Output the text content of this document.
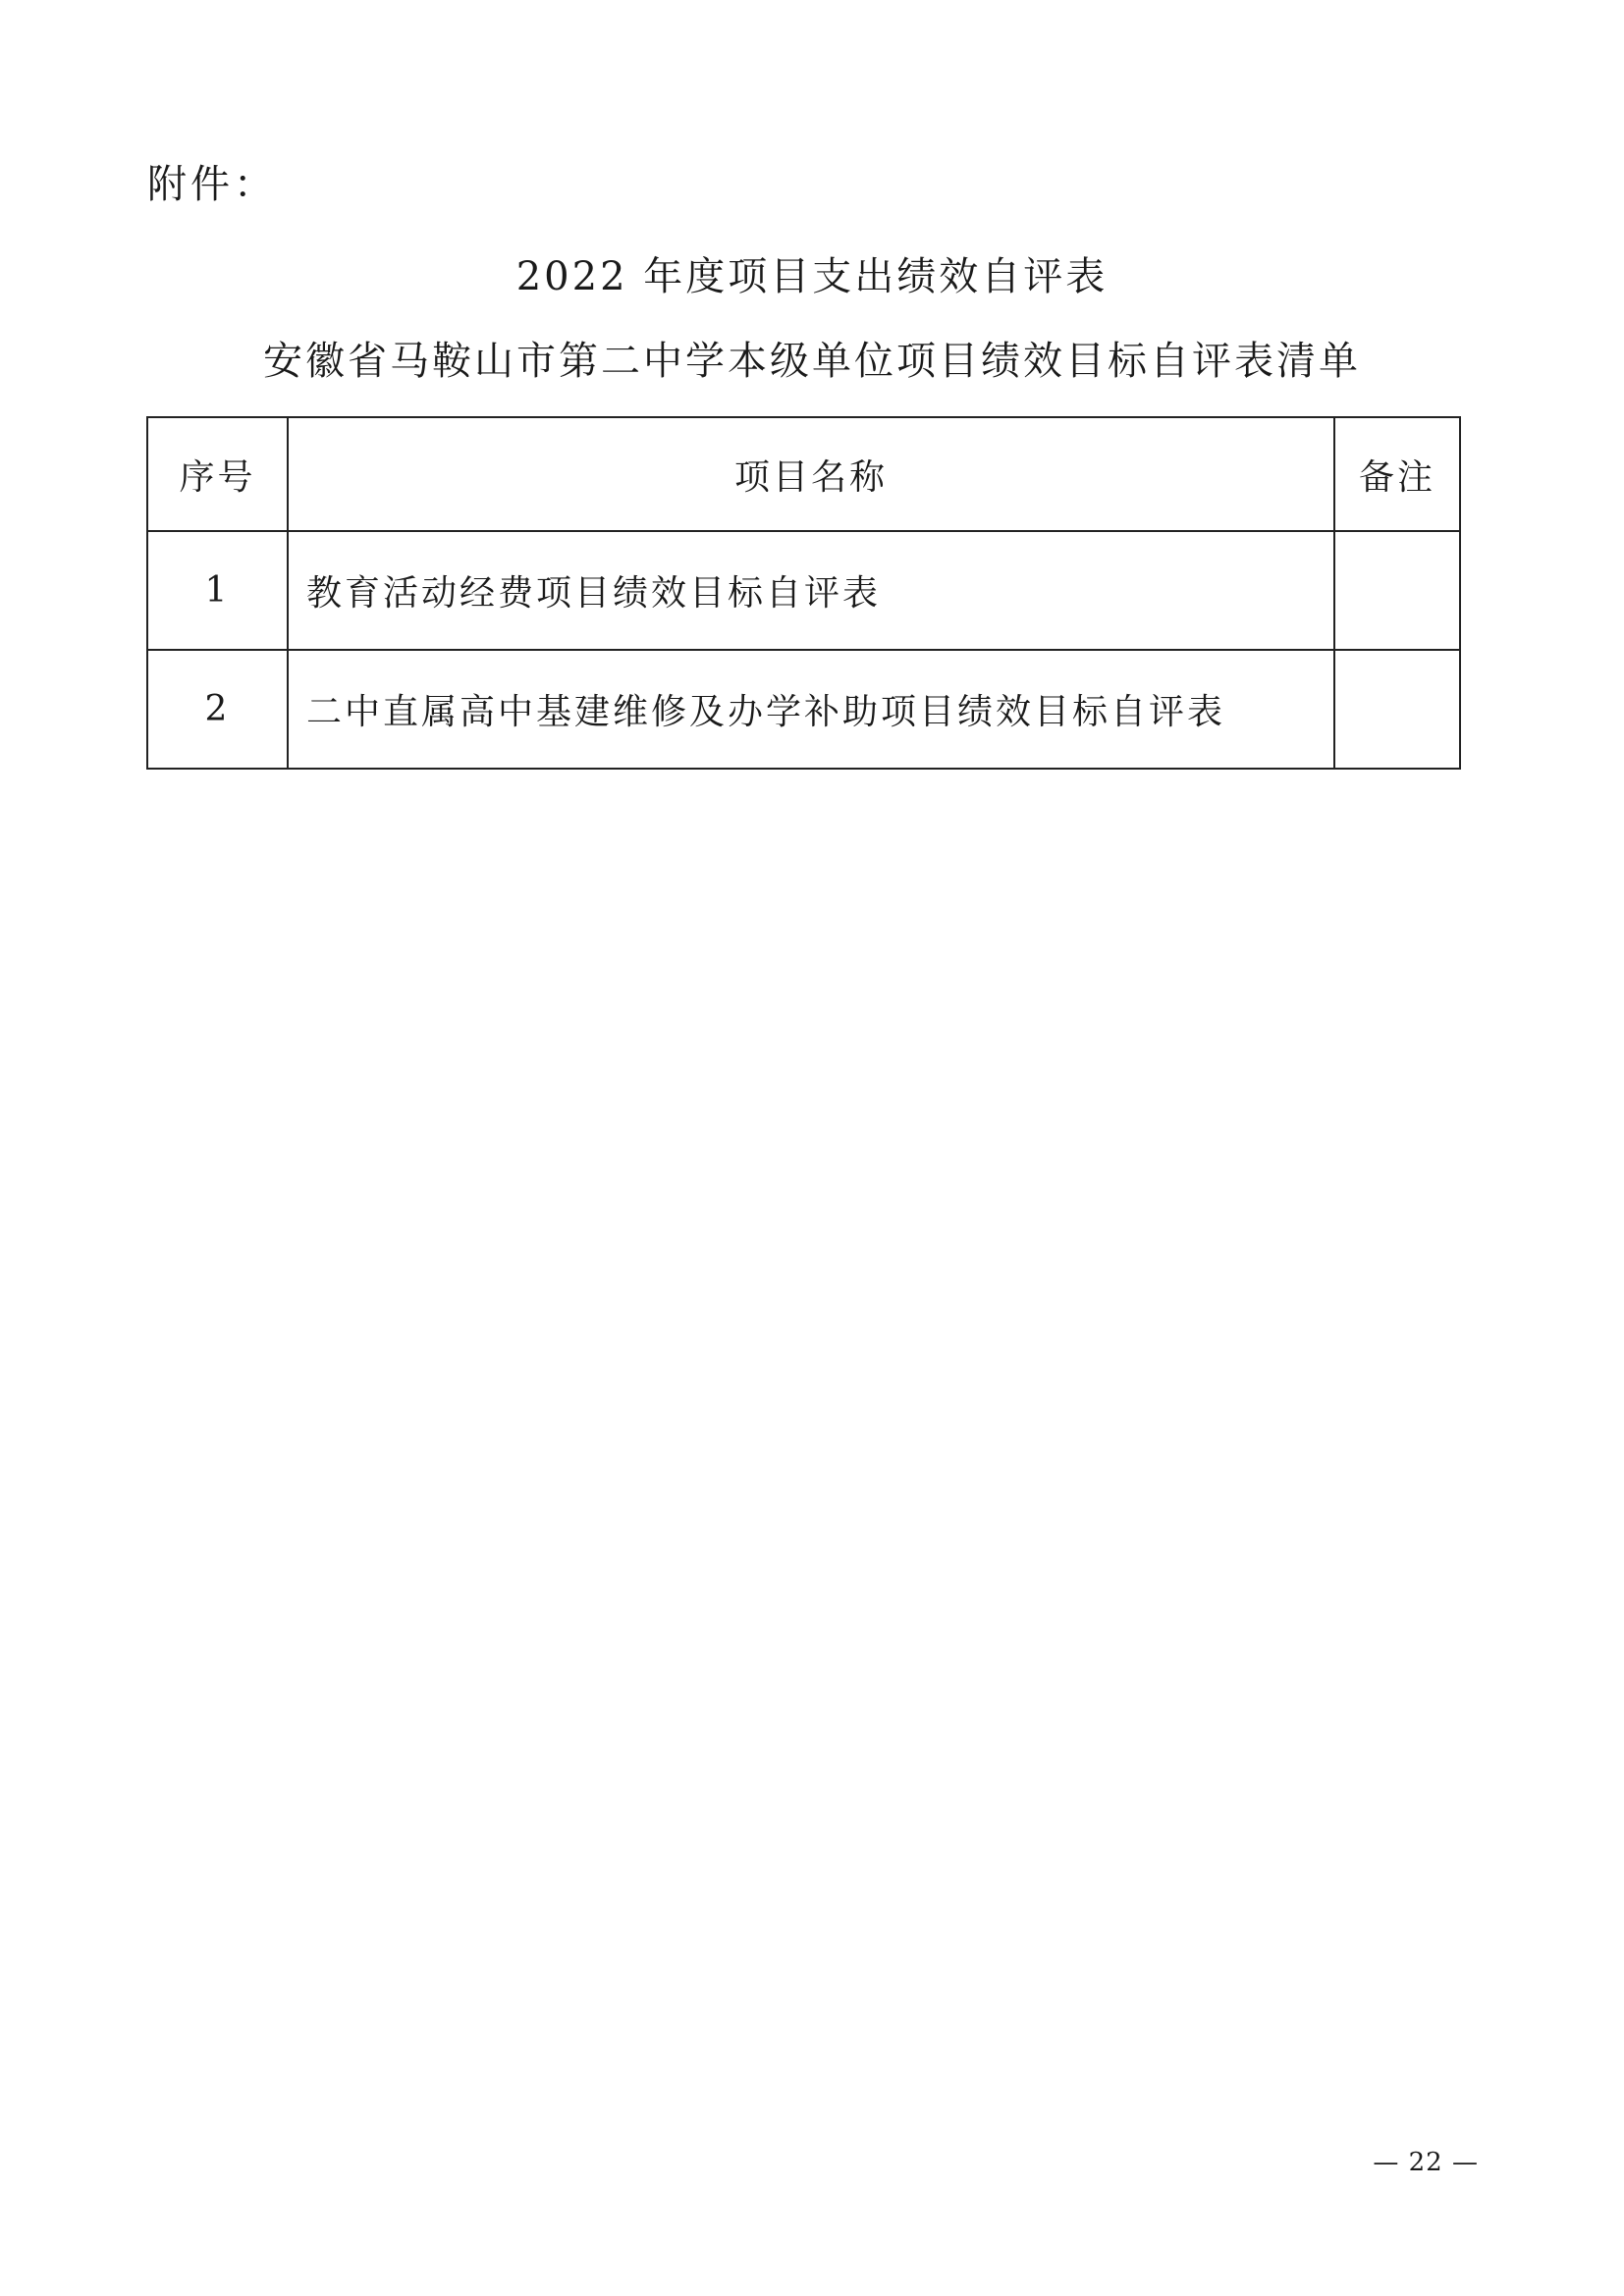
附件：
2022 年度项目支出绩效自评表
安徽省马鞍山市第二中学本级单位项目绩效目标自评表清单
序号	项目名称	备注
1	教育活动经费项目绩效目标自评表	
2	二中直属高中基建维修及办学补助项目绩效目标自评表	
— 22 —
